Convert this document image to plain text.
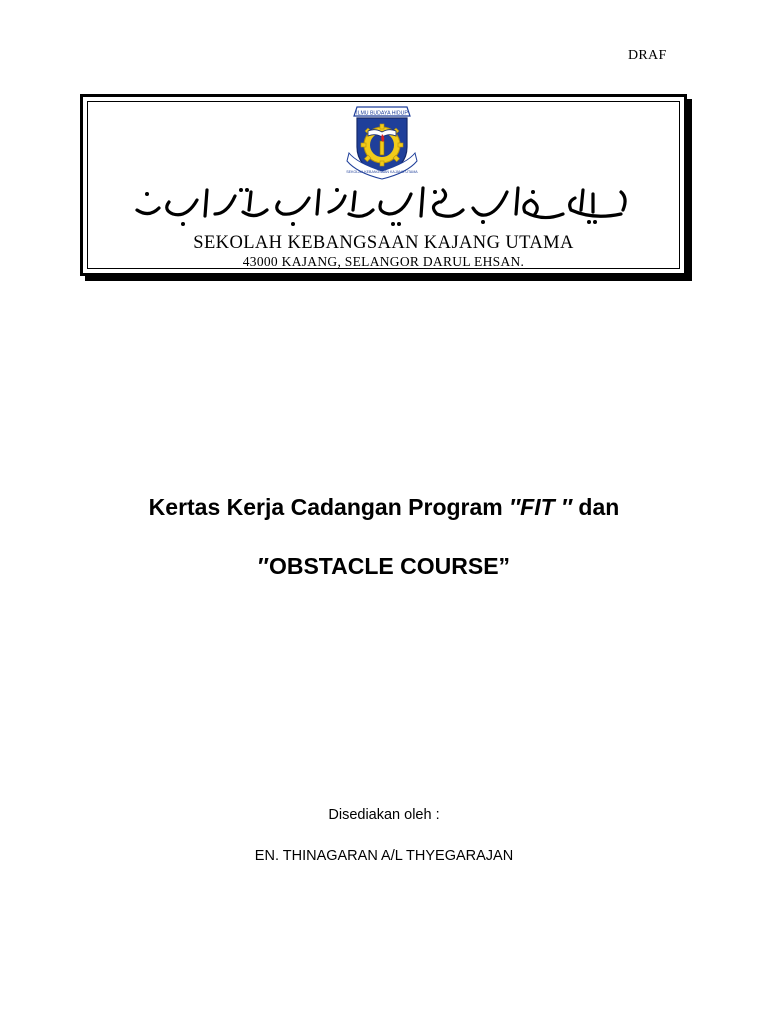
DRAF
ILMU BUDAYA HIDUP
SEKOLAH KEBANGSAAN KAJANG UTAMA
SEKOLAH KEBANGSAAN KAJANG UTAMA
43000 KAJANG, SELANGOR DARUL EHSAN.
Kertas Kerja Cadangan Program ″FIT ″ dan
″OBSTACLE COURSE”
Disediakan oleh :
EN. THINAGARAN A/L THYEGARAJAN
